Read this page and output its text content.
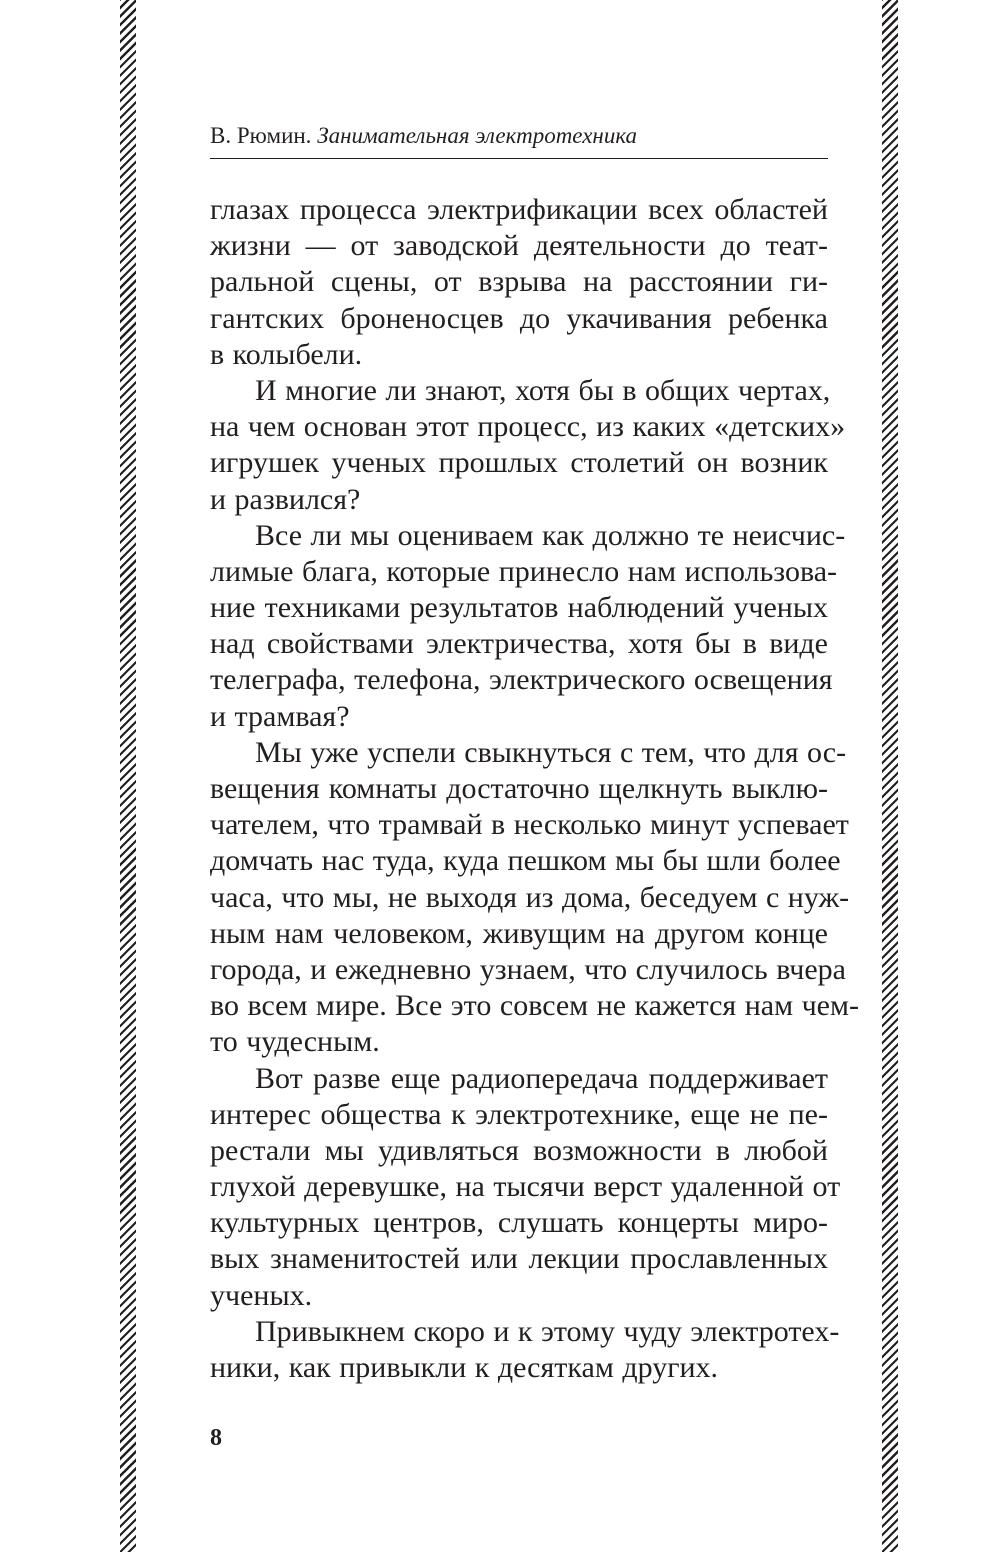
В. Рюмин. Занимательная электротехника
глазах процесса электрификации всех областей
жизни — от заводской деятельности до теат-
ральной сцены, от взрыва на расстоянии ги-
гантских броненосцев до укачивания ребенка
в колыбели.
И многие ли знают, хотя бы в общих чертах,
на чем основан этот процесс, из каких «детских»
игрушек ученых прошлых столетий он возник
и развился?
Все ли мы оцениваем как должно те неисчис-
лимые блага, которые принесло нам использова-
ние техниками результатов наблюдений ученых
над свойствами электричества, хотя бы в виде
телеграфа, телефона, электрического освещения
и трамвая?
Мы уже успели свыкнуться с тем, что для ос-
вещения комнаты достаточно щелкнуть выклю-
чателем, что трамвай в несколько минут успевает
домчать нас туда, куда пешком мы бы шли более
часа, что мы, не выходя из дома, беседуем с нуж-
ным нам человеком, живущим на другом конце
города, и ежедневно узнаем, что случилось вчера
во всем мире. Все это совсем не кажется нам чем-
то чудесным.
Вот разве еще радиопередача поддерживает
интерес общества к электротехнике, еще не пе-
рестали мы удивляться возможности в любой
глухой деревушке, на тысячи верст удаленной от
культурных центров, слушать концерты миро-
вых знаменитостей или лекции прославленных
ученых.
Привыкнем скоро и к этому чуду электротех-
ники, как привыкли к десяткам других.
8
